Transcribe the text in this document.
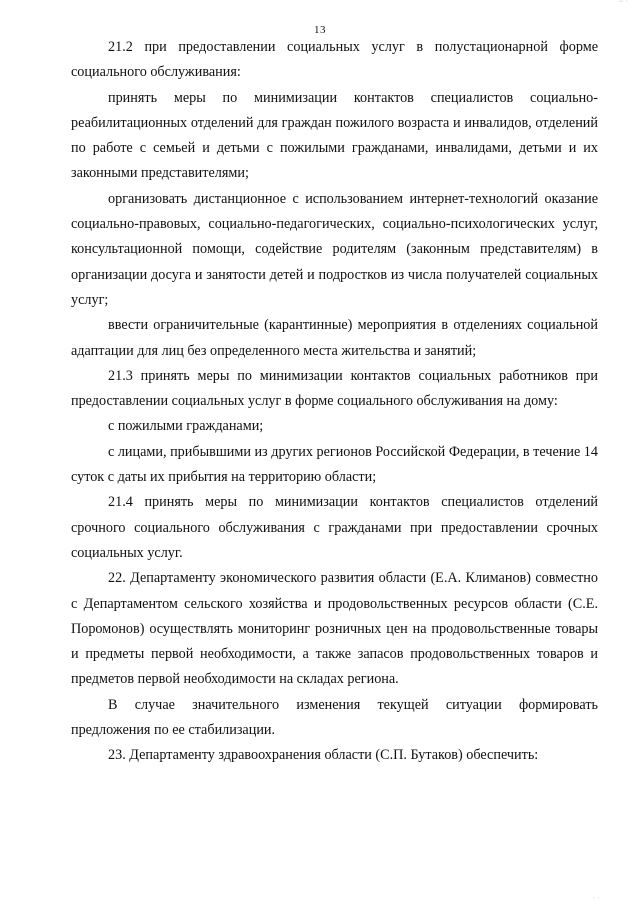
~ ·
13

21.2 при предоставлении социальных услуг в полустационарной форме социального обслуживания:

принять меры по минимизации контактов специалистов социально-реабилитационных отделений для граждан пожилого возраста и инвалидов, отделений по работе с семьей и детьми с пожилыми гражданами, инвалидами, детьми и их законными представителями;

организовать дистанционное с использованием интернет-технологий оказание социально-правовых, социально-педагогических, социально-психологических услуг, консультационной помощи, содействие родителям (законным представителям) в организации досуга и занятости детей и подростков из числа получателей социальных услуг;

ввести ограничительные (карантинные) мероприятия в отделениях социальной адаптации для лиц без определенного места жительства и занятий;

21.3 принять меры по минимизации контактов социальных работников при предоставлении социальных услуг в форме социального обслуживания на дому:

с пожилыми гражданами;

с лицами, прибывшими из других регионов Российской Федерации, в течение 14 суток с даты их прибытия на территорию области;

21.4 принять меры по минимизации контактов специалистов отделений срочного социального обслуживания с гражданами при предоставлении срочных социальных услуг.

22. Департаменту экономического развития области (Е.А. Климанов) совместно с Департаментом сельского хозяйства и продовольственных ресурсов области (С.Е. Поромонов) осуществлять мониторинг розничных цен на продовольственные товары и предметы первой необходимости, а также запасов продовольственных товаров и предметов первой необходимости на складах региона.

В случае значительного изменения текущей ситуации формировать предложения по ее стабилизации.

23. Департаменту здравоохранения области (С.П. Бутаков) обеспечить:

· ·
